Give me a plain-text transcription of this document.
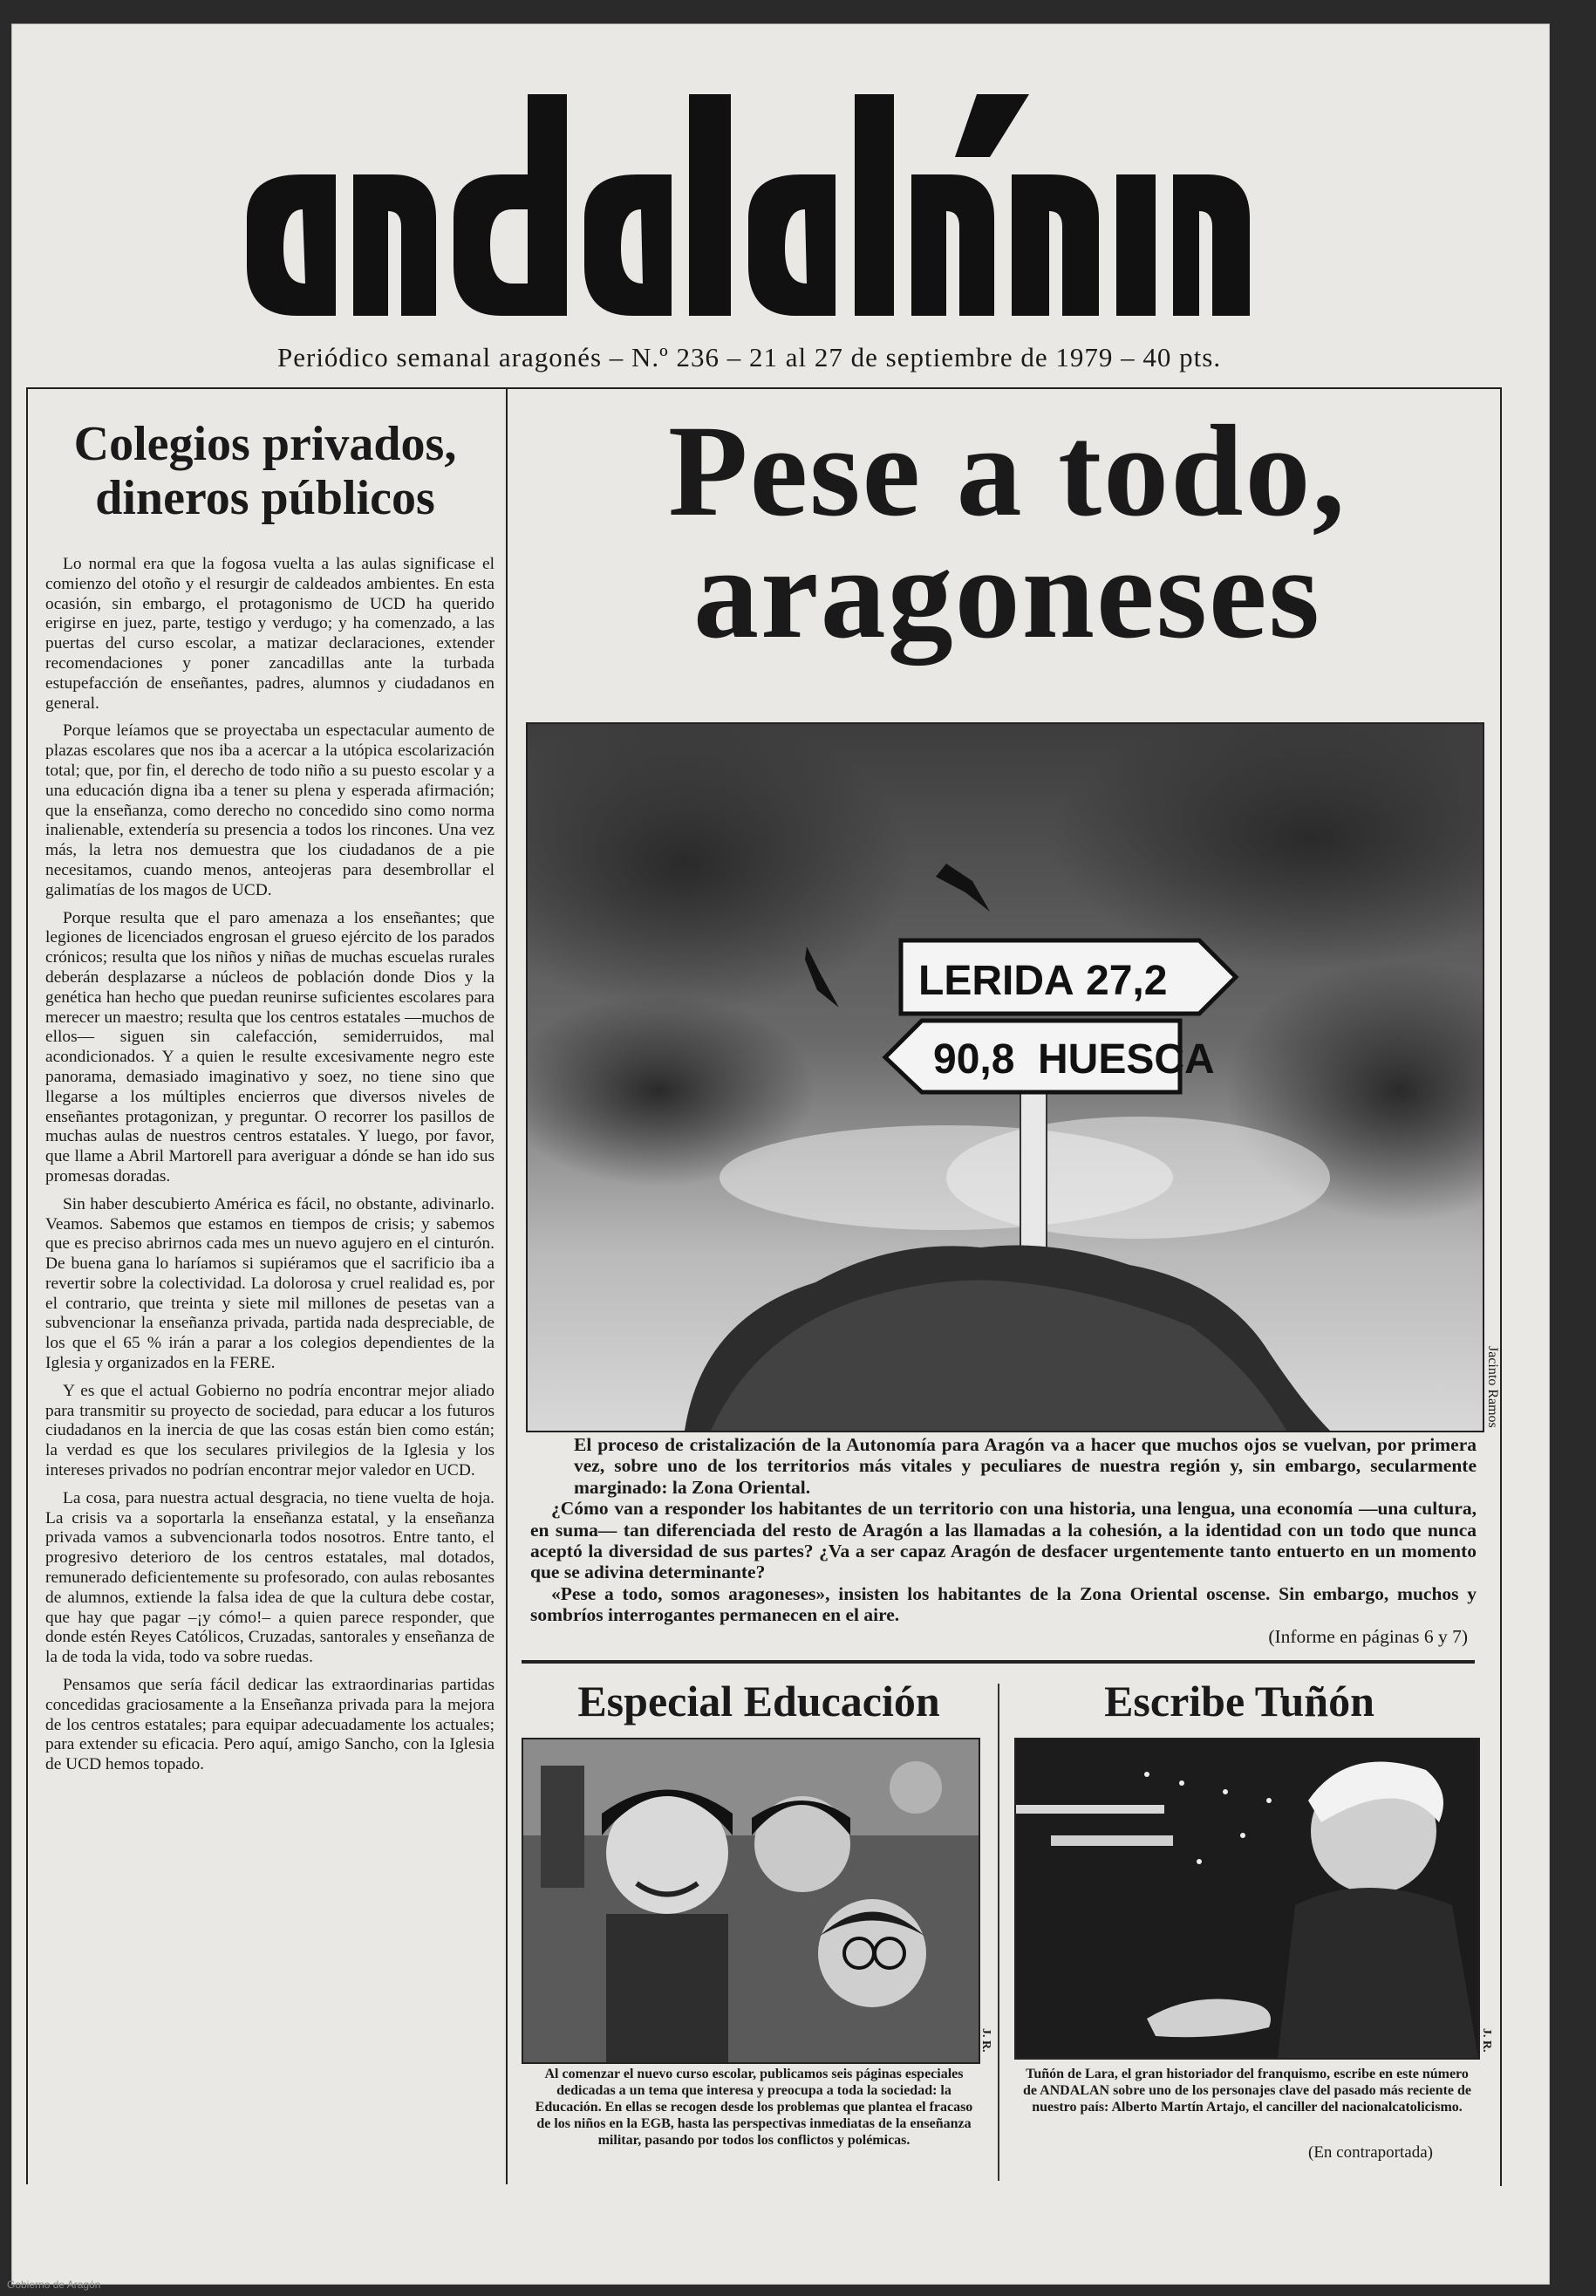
Periódico semanal aragonés – N.º 236 – 21 al 27 de septiembre de 1979 – 40 pts.
Colegios privados, dineros públicos

Lo normal era que la fogosa vuelta a las aulas significase el comienzo del otoño y el resurgir de caldeados ambientes. En esta ocasión, sin embargo, el protagonismo de UCD ha querido erigirse en juez, parte, testigo y verdugo; y ha comenzado, a las puertas del curso escolar, a matizar declaraciones, extender recomendaciones y poner zancadillas ante la turbada estupefacción de enseñantes, padres, alumnos y ciudadanos en general.

Porque leíamos que se proyectaba un espectacular aumento de plazas escolares que nos iba a acercar a la utópica escolarización total; que, por fin, el derecho de todo niño a su puesto escolar y a una educación digna iba a tener su plena y esperada afirmación; que la enseñanza, como derecho no concedido sino como norma inalienable, extendería su presencia a todos los rincones. Una vez más, la letra nos demuestra que los ciudadanos de a pie necesitamos, cuando menos, anteojeras para desembrollar el galimatías de los magos de UCD.

Porque resulta que el paro amenaza a los enseñantes; que legiones de licenciados engrosan el grueso ejército de los parados crónicos; resulta que los niños y niñas de muchas escuelas rurales deberán desplazarse a núcleos de población donde Dios y la genética han hecho que puedan reunirse suficientes escolares para merecer un maestro; resulta que los centros estatales —muchos de ellos— siguen sin calefacción, semiderruidos, mal acondicionados. Y a quien le resulte excesivamente negro este panorama, demasiado imaginativo y soez, no tiene sino que llegarse a los múltiples encierros que diversos niveles de enseñantes protagonizan, y preguntar. O recorrer los pasillos de muchas aulas de nuestros centros estatales. Y luego, por favor, que llame a Abril Martorell para averiguar a dónde se han ido sus promesas doradas.

Sin haber descubierto América es fácil, no obstante, adivinarlo. Veamos. Sabemos que estamos en tiempos de crisis; y sabemos que es preciso abrirnos cada mes un nuevo agujero en el cinturón. De buena gana lo haríamos si supiéramos que el sacrificio iba a revertir sobre la colectividad. La dolorosa y cruel realidad es, por el contrario, que treinta y siete mil millones de pesetas van a subvencionar la enseñanza privada, partida nada despreciable, de los que el 65 % irán a parar a los colegios dependientes de la Iglesia y organizados en la FERE.

Y es que el actual Gobierno no podría encontrar mejor aliado para transmitir su proyecto de sociedad, para educar a los futuros ciudadanos en la inercia de que las cosas están bien como están; la verdad es que los seculares privilegios de la Iglesia y los intereses privados no podrían encontrar mejor valedor en UCD.

La cosa, para nuestra actual desgracia, no tiene vuelta de hoja. La crisis va a soportarla la enseñanza estatal, y la enseñanza privada vamos a subvencionarla todos nosotros. Entre tanto, el progresivo deterioro de los centros estatales, mal dotados, remunerado deficientemente su profesorado, con aulas rebosantes de alumnos, extiende la falsa idea de que la cultura debe costar, que hay que pagar –¡y cómo!– a quien parece responder, que donde estén Reyes Católicos, Cruzadas, santorales y enseñanza de la de toda la vida, todo va sobre ruedas.

Pensamos que sería fácil dedicar las extraordinarias partidas concedidas graciosamente a la Enseñanza privada para la mejora de los centros estatales; para equipar adecuadamente los actuales; para extender su eficacia. Pero aquí, amigo Sancho, con la Iglesia de UCD hemos topado.

Pese a todo,
aragoneses
LERIDA 27,2
90,8 HUESCA
Jacinto Ramos

El proceso de cristalización de la Autonomía para Aragón va a hacer que muchos ojos se vuelvan, por primera vez, sobre uno de los territorios más vitales y peculiares de nuestra región y, sin embargo, secularmente marginado: la Zona Oriental.

¿Cómo van a responder los habitantes de un territorio con una historia, una lengua, una economía —una cultura, en suma— tan diferenciada del resto de Aragón a las llamadas a la cohesión, a la identidad con un todo que nunca aceptó la diversidad de sus partes? ¿Va a ser capaz Aragón de desfacer urgentemente tanto entuerto en un momento que se adivina determinante?

«Pese a todo, somos aragoneses», insisten los habitantes de la Zona Oriental oscense. Sin embargo, muchos y sombríos interrogantes permanecen en el aire.

(Informe en páginas 6 y 7)
Especial Educación
J. R.
Al comenzar el nuevo curso escolar, publicamos seis páginas especiales dedicadas a un tema que interesa y preocupa a toda la sociedad: la Educación. En ellas se recogen desde los problemas que plantea el fracaso de los niños en la EGB, hasta las perspectivas inmediatas de la enseñanza militar, pasando por todos los conflictos y polémicas.
Escribe Tuñón
J. R.
Tuñón de Lara, el gran historiador del franquismo, escribe en este número de ANDALAN sobre uno de los personajes clave del pasado más reciente de nuestro país: Alberto Martín Artajo, el canciller del nacionalcatolicismo.
(En contraportada)
Gobierno de Aragón
